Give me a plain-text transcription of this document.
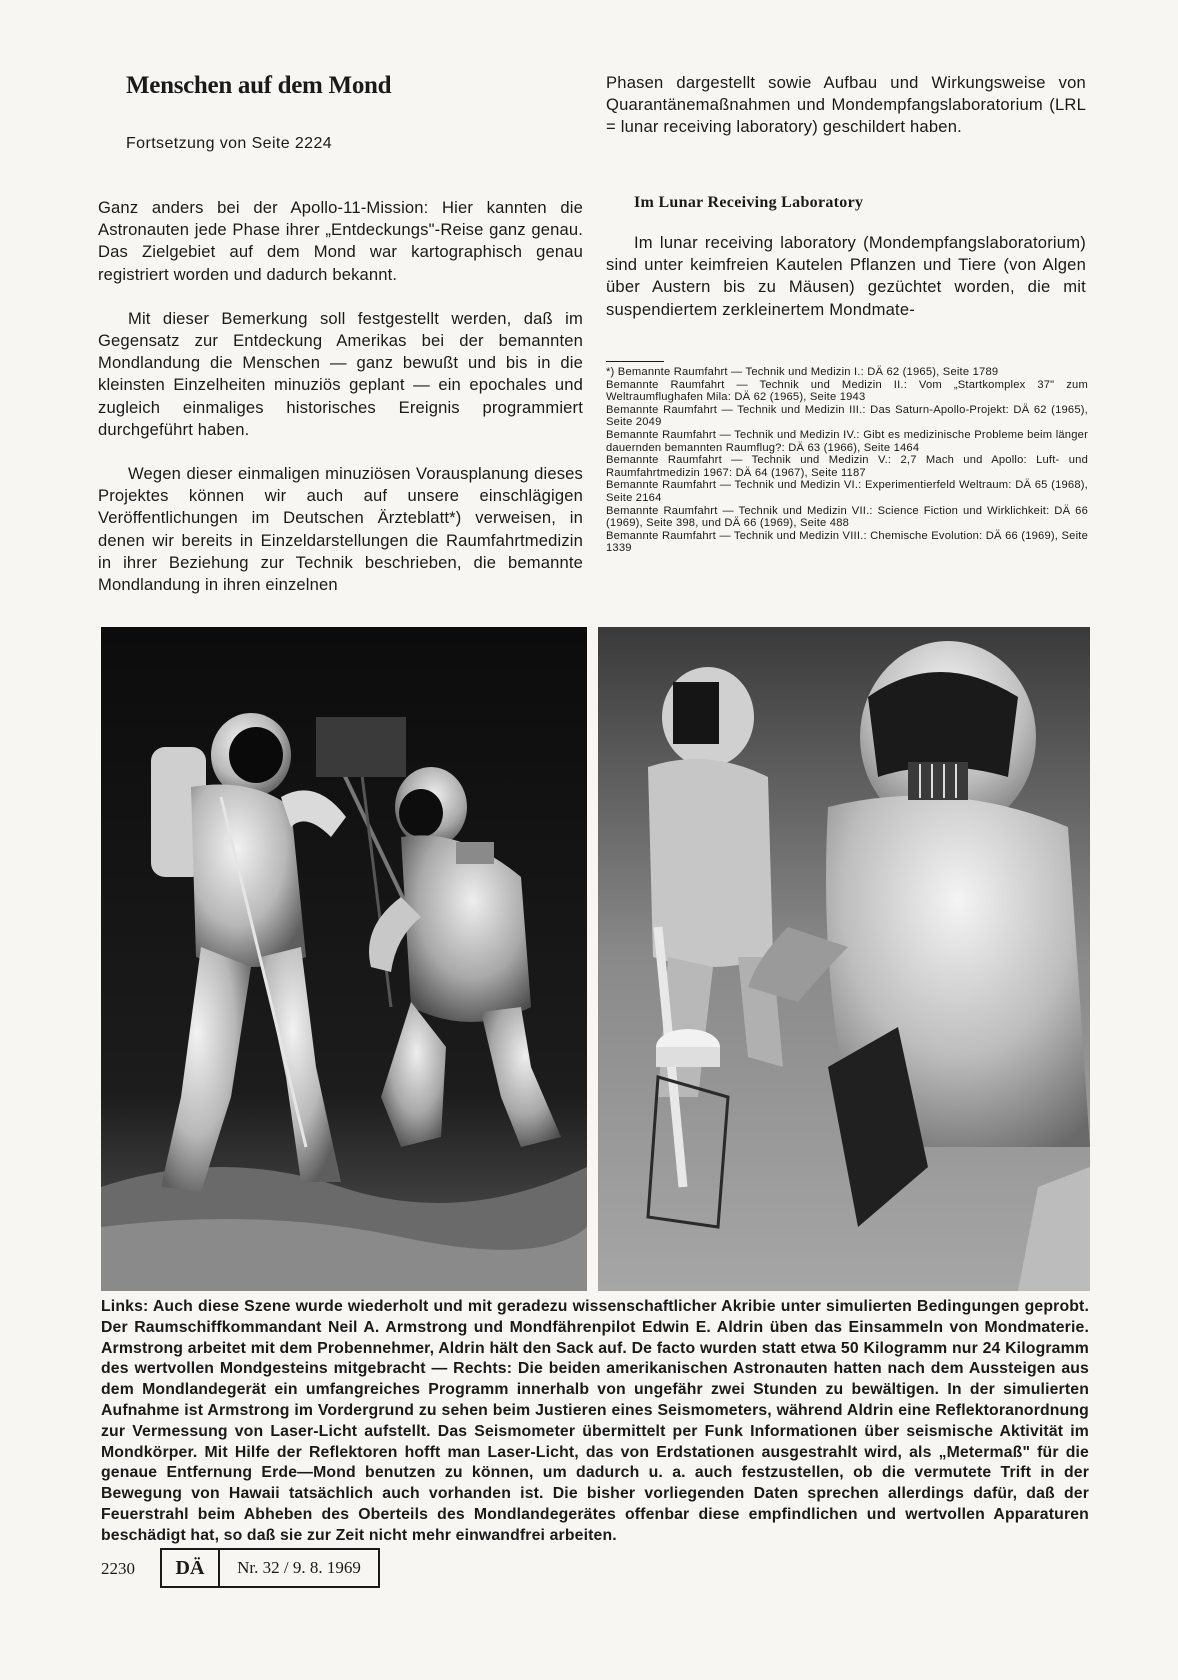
Menschen auf dem Mond
Fortsetzung von Seite 2224

Ganz anders bei der Apollo-11-Mission: Hier kannten die Astronauten jede Phase ihrer „Entdeckungs"-Reise ganz genau. Das Zielgebiet auf dem Mond war kartographisch genau registriert worden und dadurch bekannt.

Mit dieser Bemerkung soll festgestellt werden, daß im Gegensatz zur Entdeckung Amerikas bei der bemannten Mondlandung die Menschen — ganz bewußt und bis in die kleinsten Einzelheiten minuziös geplant — ein epochales und zugleich einmaliges historisches Ereignis programmiert durchgeführt haben.

Wegen dieser einmaligen minuziösen Vorausplanung dieses Projektes können wir auch auf unsere einschlägigen Veröffentlichungen im Deutschen Ärzteblatt*) verweisen, in denen wir bereits in Einzeldarstellungen die Raumfahrtmedizin in ihrer Beziehung zur Technik beschrieben, die bemannte Mondlandung in ihren einzelnen

Phasen dargestellt sowie Aufbau und Wirkungsweise von Quarantänemaßnahmen und Mondempfangslaboratorium (LRL = lunar receiving laboratory) geschildert haben.
Im Lunar Receiving Laboratory
Im lunar receiving laboratory (Mondempfangslaboratorium) sind unter keimfreien Kautelen Pflanzen und Tiere (von Algen über Austern bis zu Mäusen) gezüchtet worden, die mit suspendiertem zerkleinertem Mondmate-
*) Bemannte Raumfahrt — Technik und Medizin I.: DÄ 62 (1965), Seite 1789
Bemannte Raumfahrt — Technik und Medizin II.: Vom „Startkomplex 37" zum Weltraumflughafen Mila: DÄ 62 (1965), Seite 1943
Bemannte Raumfahrt — Technik und Medizin III.: Das Saturn-Apollo-Projekt: DÄ 62 (1965), Seite 2049
Bemannte Raumfahrt — Technik und Medizin IV.: Gibt es medizinische Probleme beim länger dauernden bemannten Raumflug?: DÄ 63 (1966), Seite 1464
Bemannte Raumfahrt — Technik und Medizin V.: 2,7 Mach und Apollo: Luft- und Raumfahrtmedizin 1967: DÄ 64 (1967), Seite 1187
Bemannte Raumfahrt — Technik und Medizin VI.: Experimentierfeld Weltraum: DÄ 65 (1968), Seite 2164
Bemannte Raumfahrt — Technik und Medizin VII.: Science Fiction und Wirklichkeit: DÄ 66 (1969), Seite 398, und DÄ 66 (1969), Seite 488
Bemannte Raumfahrt — Technik und Medizin VIII.: Chemische Evolution: DÄ 66 (1969), Seite 1339
Links: Auch diese Szene wurde wiederholt und mit geradezu wissenschaftlicher Akribie unter simulierten Bedingungen geprobt. Der Raumschiffkommandant Neil A. Armstrong und Mondfährenpilot Edwin E. Aldrin üben das Einsammeln von Mondmaterie. Armstrong arbeitet mit dem Probennehmer, Aldrin hält den Sack auf. De facto wurden statt etwa 50 Kilogramm nur 24 Kilogramm des wertvollen Mondgesteins mitgebracht — Rechts: Die beiden amerikanischen Astronauten hatten nach dem Aussteigen aus dem Mondlandegerät ein umfangreiches Programm innerhalb von ungefähr zwei Stunden zu bewältigen. In der simulierten Aufnahme ist Armstrong im Vordergrund zu sehen beim Justieren eines Seismometers, während Aldrin eine Reflektoranordnung zur Vermessung von Laser-Licht aufstellt. Das Seismometer übermittelt per Funk Informationen über seismische Aktivität im Mondkörper. Mit Hilfe der Reflektoren hofft man Laser-Licht, das von Erdstationen ausgestrahlt wird, als „Metermaß" für die genaue Entfernung Erde—Mond benutzen zu können, um dadurch u. a. auch festzustellen, ob die vermutete Trift in der Bewegung von Hawaii tatsächlich auch vorhanden ist. Die bisher vorliegenden Daten sprechen allerdings dafür, daß der Feuerstrahl beim Abheben des Oberteils des Mondlandegerätes offenbar diese empfindlichen und wertvollen Apparaturen beschädigt hat, so daß sie zur Zeit nicht mehr einwandfrei arbeiten.
2230	DÄ	Nr. 32 / 9. 8. 1969
